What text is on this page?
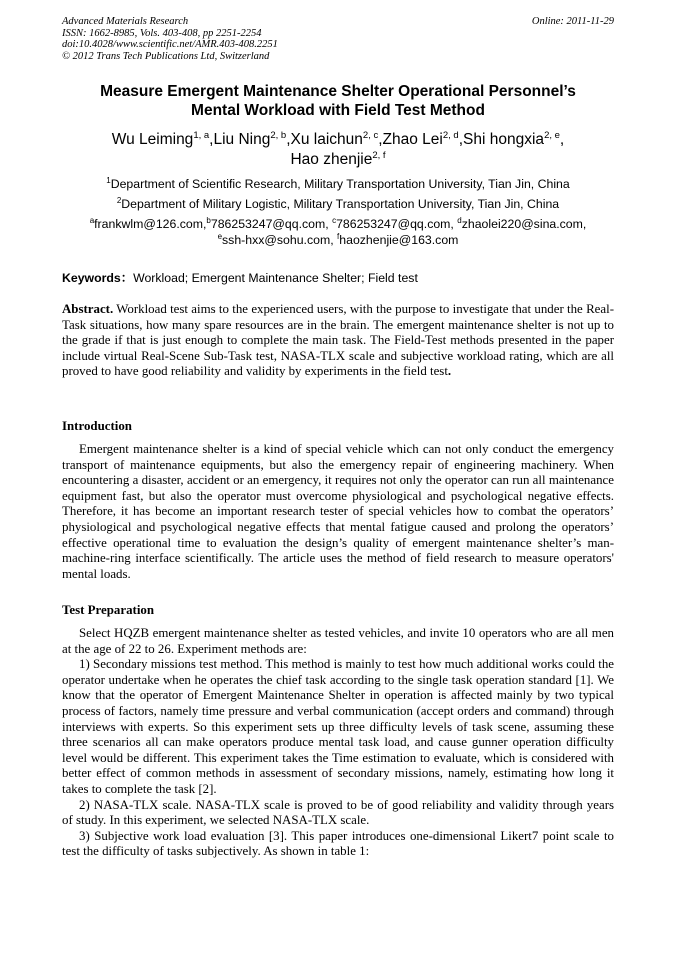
Advanced Materials Research
ISSN: 1662-8985, Vols. 403-408, pp 2251-2254
doi:10.4028/www.scientific.net/AMR.403-408.2251
© 2012 Trans Tech Publications Ltd, Switzerland
Online: 2011-11-29
Measure Emergent Maintenance Shelter Operational Personnel’s
Mental Workload with Field Test Method
Wu Leiming$^{1, a}$,Liu Ning$^{2, b}$,Xu laichun$^{2, c}$,Zhao Lei$^{2, d}$,Shi hongxia$^{2, e}$,
Hao zhenjie$^{2, f}$
$^1$Department of Scientific Research, Military Transportation University, Tian Jin, China
$^2$Department of Military Logistic, Military Transportation University, Tian Jin, China
$^a$frankwlm@126.com,$^b$786253247@qq.com, $^c$786253247@qq.com, $^d$zhaolei220@sina.com,
$^e$ssh-hxx@sohu.com, $^f$haozhenjie@163.com
Keywords：Workload; Emergent Maintenance Shelter; Field test
Abstract. Workload test aims to the experienced users, with the purpose to investigate that under the Real-Task situations, how many spare resources are in the brain. The emergent maintenance shelter is not up to the grade if that is just enough to complete the main task. The Field-Test methods presented in the paper include virtual Real-Scene Sub-Task test, NASA-TLX scale and subjective workload rating, which are all proved to have good reliability and validity by experiments in the field test.
Introduction
Emergent maintenance shelter is a kind of special vehicle which can not only conduct the emergency transport of maintenance equipments, but also the emergency repair of engineering machinery. When encountering a disaster, accident or an emergency, it requires not only the operator can run all maintenance equipment fast, but also the operator must overcome physiological and psychological negative effects. Therefore, it has become an important research tester of special vehicles how to combat the operators’ physiological and psychological negative effects that mental fatigue caused and prolong the operators’ effective operational time to evaluation the design’s quality of emergent maintenance shelter’s man-machine-ring interface scientifically. The article uses the method of field research to measure operators' mental loads.
Test Preparation

Select HQZB emergent maintenance shelter as tested vehicles, and invite 10 operators who are all men at the age of 22 to 26. Experiment methods are:

1) Secondary missions test method. This method is mainly to test how much additional works could the operator undertake when he operates the chief task according to the single task operation standard [1]. We know that the operator of Emergent Maintenance Shelter in operation is affected mainly by two typical process of factors, namely time pressure and verbal communication (accept orders and command) through interviews with experts. So this experiment sets up three difficulty levels of task scene, assuming these three scenarios all can make operators produce mental task load, and cause gunner operation difficulty level would be different. This experiment takes the Time estimation to evaluate, which is considered with better effect of common methods in assessment of secondary missions, namely, estimating how long it takes to complete the task [2].

2) NASA-TLX scale. NASA-TLX scale is proved to be of good reliability and validity through years of study. In this experiment, we selected NASA-TLX scale.

3) Subjective work load evaluation [3]. This paper introduces one-dimensional Likert7 point scale to test the difficulty of tasks subjectively. As shown in table 1:
